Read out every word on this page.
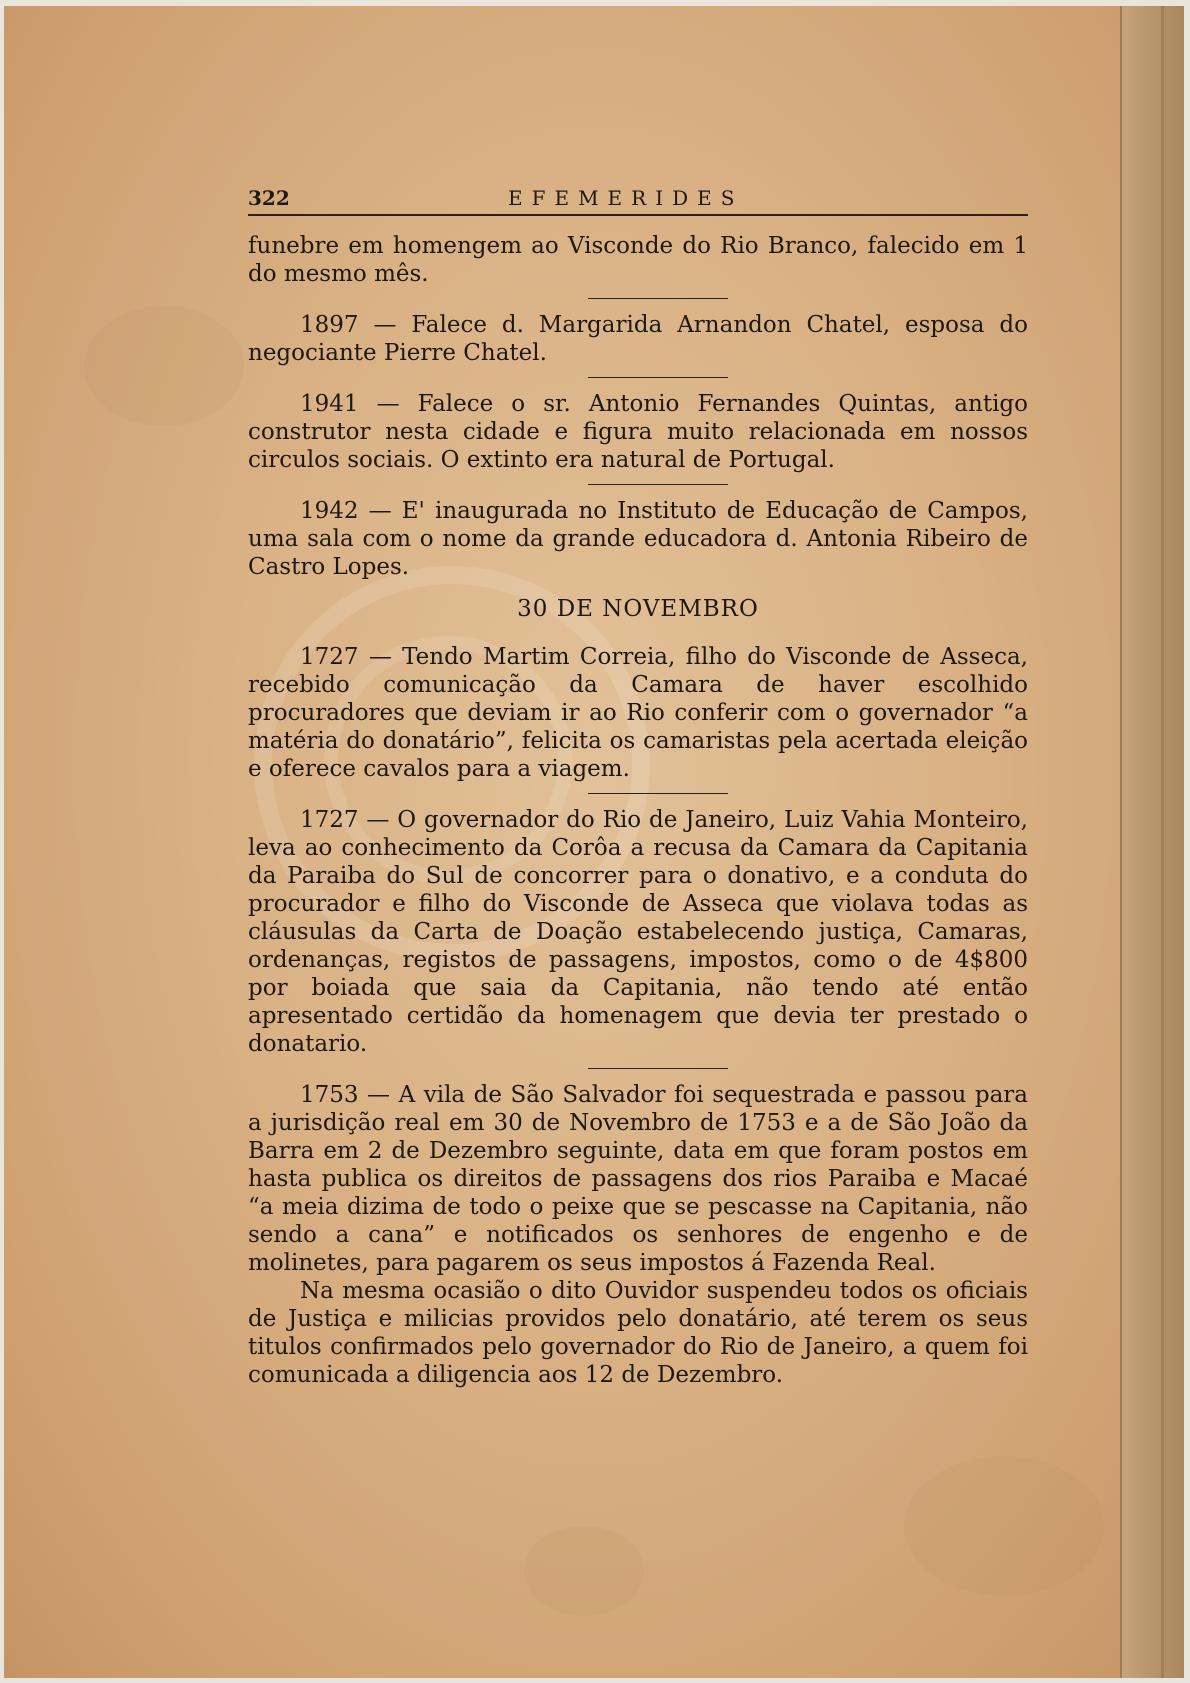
322	EFEMERIDES

funebre em homengem ao Visconde do Rio Branco, falecido em 1 do mesmo mês.

1897 — Falece d. Margarida Arnandon Chatel, esposa do negociante Pierre Chatel.

1941 — Falece o sr. Antonio Fernandes Quintas, antigo construtor nesta cidade e figura muito relacionada em nossos circulos sociais. O extinto era natural de Portugal.

1942 — E' inaugurada no Instituto de Educação de Campos, uma sala com o nome da grande educadora d. Antonia Ribeiro de Castro Lopes.

30 DE NOVEMBRO

1727 — Tendo Martim Correia, filho do Visconde de Asseca, recebido comunicação da Camara de haver escolhido procuradores que deviam ir ao Rio conferir com o governador “a matéria do donatário”, felicita os camaristas pela acertada eleição e oferece cavalos para a viagem.

1727 — O governador do Rio de Janeiro, Luiz Vahia Monteiro, leva ao conhecimento da Corôa a recusa da Camara da Capitania da Paraiba do Sul de concorrer para o donativo, e a conduta do procurador e filho do Visconde de Asseca que violava todas as cláusulas da Carta de Doação estabelecendo justiça, Camaras, ordenanças, registos de passagens, impostos, como o de 4$800 por boiada que saia da Capitania, não tendo até então apresentado certidão da homenagem que devia ter prestado o donatario.

1753 — A vila de São Salvador foi sequestrada e passou para a jurisdição real em 30 de Novembro de 1753 e a de São João da Barra em 2 de Dezembro seguinte, data em que foram postos em hasta publica os direitos de passagens dos rios Paraiba e Macaé “a meia dizima de todo o peixe que se pescasse na Capitania, não sendo a cana” e notificados os senhores de engenho e de molinetes, para pagarem os seus impostos á Fazenda Real.

Na mesma ocasião o dito Ouvidor suspendeu todos os oficiais de Justiça e milicias providos pelo donatário, até terem os seus titulos confirmados pelo governador do Rio de Janeiro, a quem foi comunicada a diligencia aos 12 de Dezembro.
